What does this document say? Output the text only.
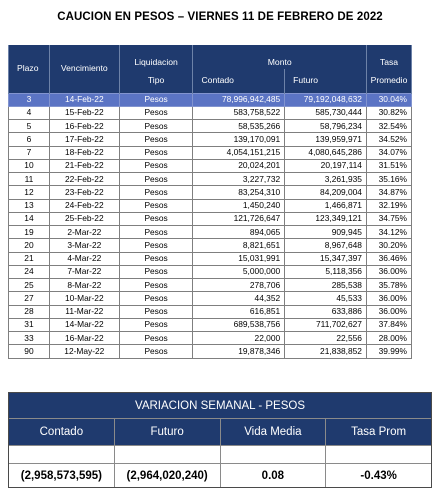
CAUCION EN PESOS – VIERNES 11 DE FEBRERO DE 2022
Plazo	Vencimiento	Liquidacion	Monto		Tasa
		Tipo	Contado	Futuro	Promedio
3	14-Feb-22	Pesos	78,996,942,485	79,192,048,632	30.04%
4	15-Feb-22	Pesos	583,758,522	585,730,444	30.82%
5	16-Feb-22	Pesos	58,535,266	58,796,234	32.54%
6	17-Feb-22	Pesos	139,170,091	139,959,971	34.52%
7	18-Feb-22	Pesos	4,054,151,215	4,080,645,286	34.07%
10	21-Feb-22	Pesos	20,024,201	20,197,114	31.51%
11	22-Feb-22	Pesos	3,227,732	3,261,935	35.16%
12	23-Feb-22	Pesos	83,254,310	84,209,004	34.87%
13	24-Feb-22	Pesos	1,450,240	1,466,871	32.19%
14	25-Feb-22	Pesos	121,726,647	123,349,121	34.75%
19	2-Mar-22	Pesos	894,065	909,945	34.12%
20	3-Mar-22	Pesos	8,821,651	8,967,648	30.20%
21	4-Mar-22	Pesos	15,031,991	15,347,397	36.46%
24	7-Mar-22	Pesos	5,000,000	5,118,356	36.00%
25	8-Mar-22	Pesos	278,706	285,538	35.78%
27	10-Mar-22	Pesos	44,352	45,533	36.00%
28	11-Mar-22	Pesos	616,851	633,886	36.00%
31	14-Mar-22	Pesos	689,538,756	711,702,627	37.84%
33	16-Mar-22	Pesos	22,000	22,556	28.00%
90	12-May-22	Pesos	19,878,346	21,838,852	39.99%
VARIACION SEMANAL - PESOS
Contado	Futuro	Vida Media	Tasa Prom
(2,958,573,595)	(2,964,020,240)	0.08	-0.43%
